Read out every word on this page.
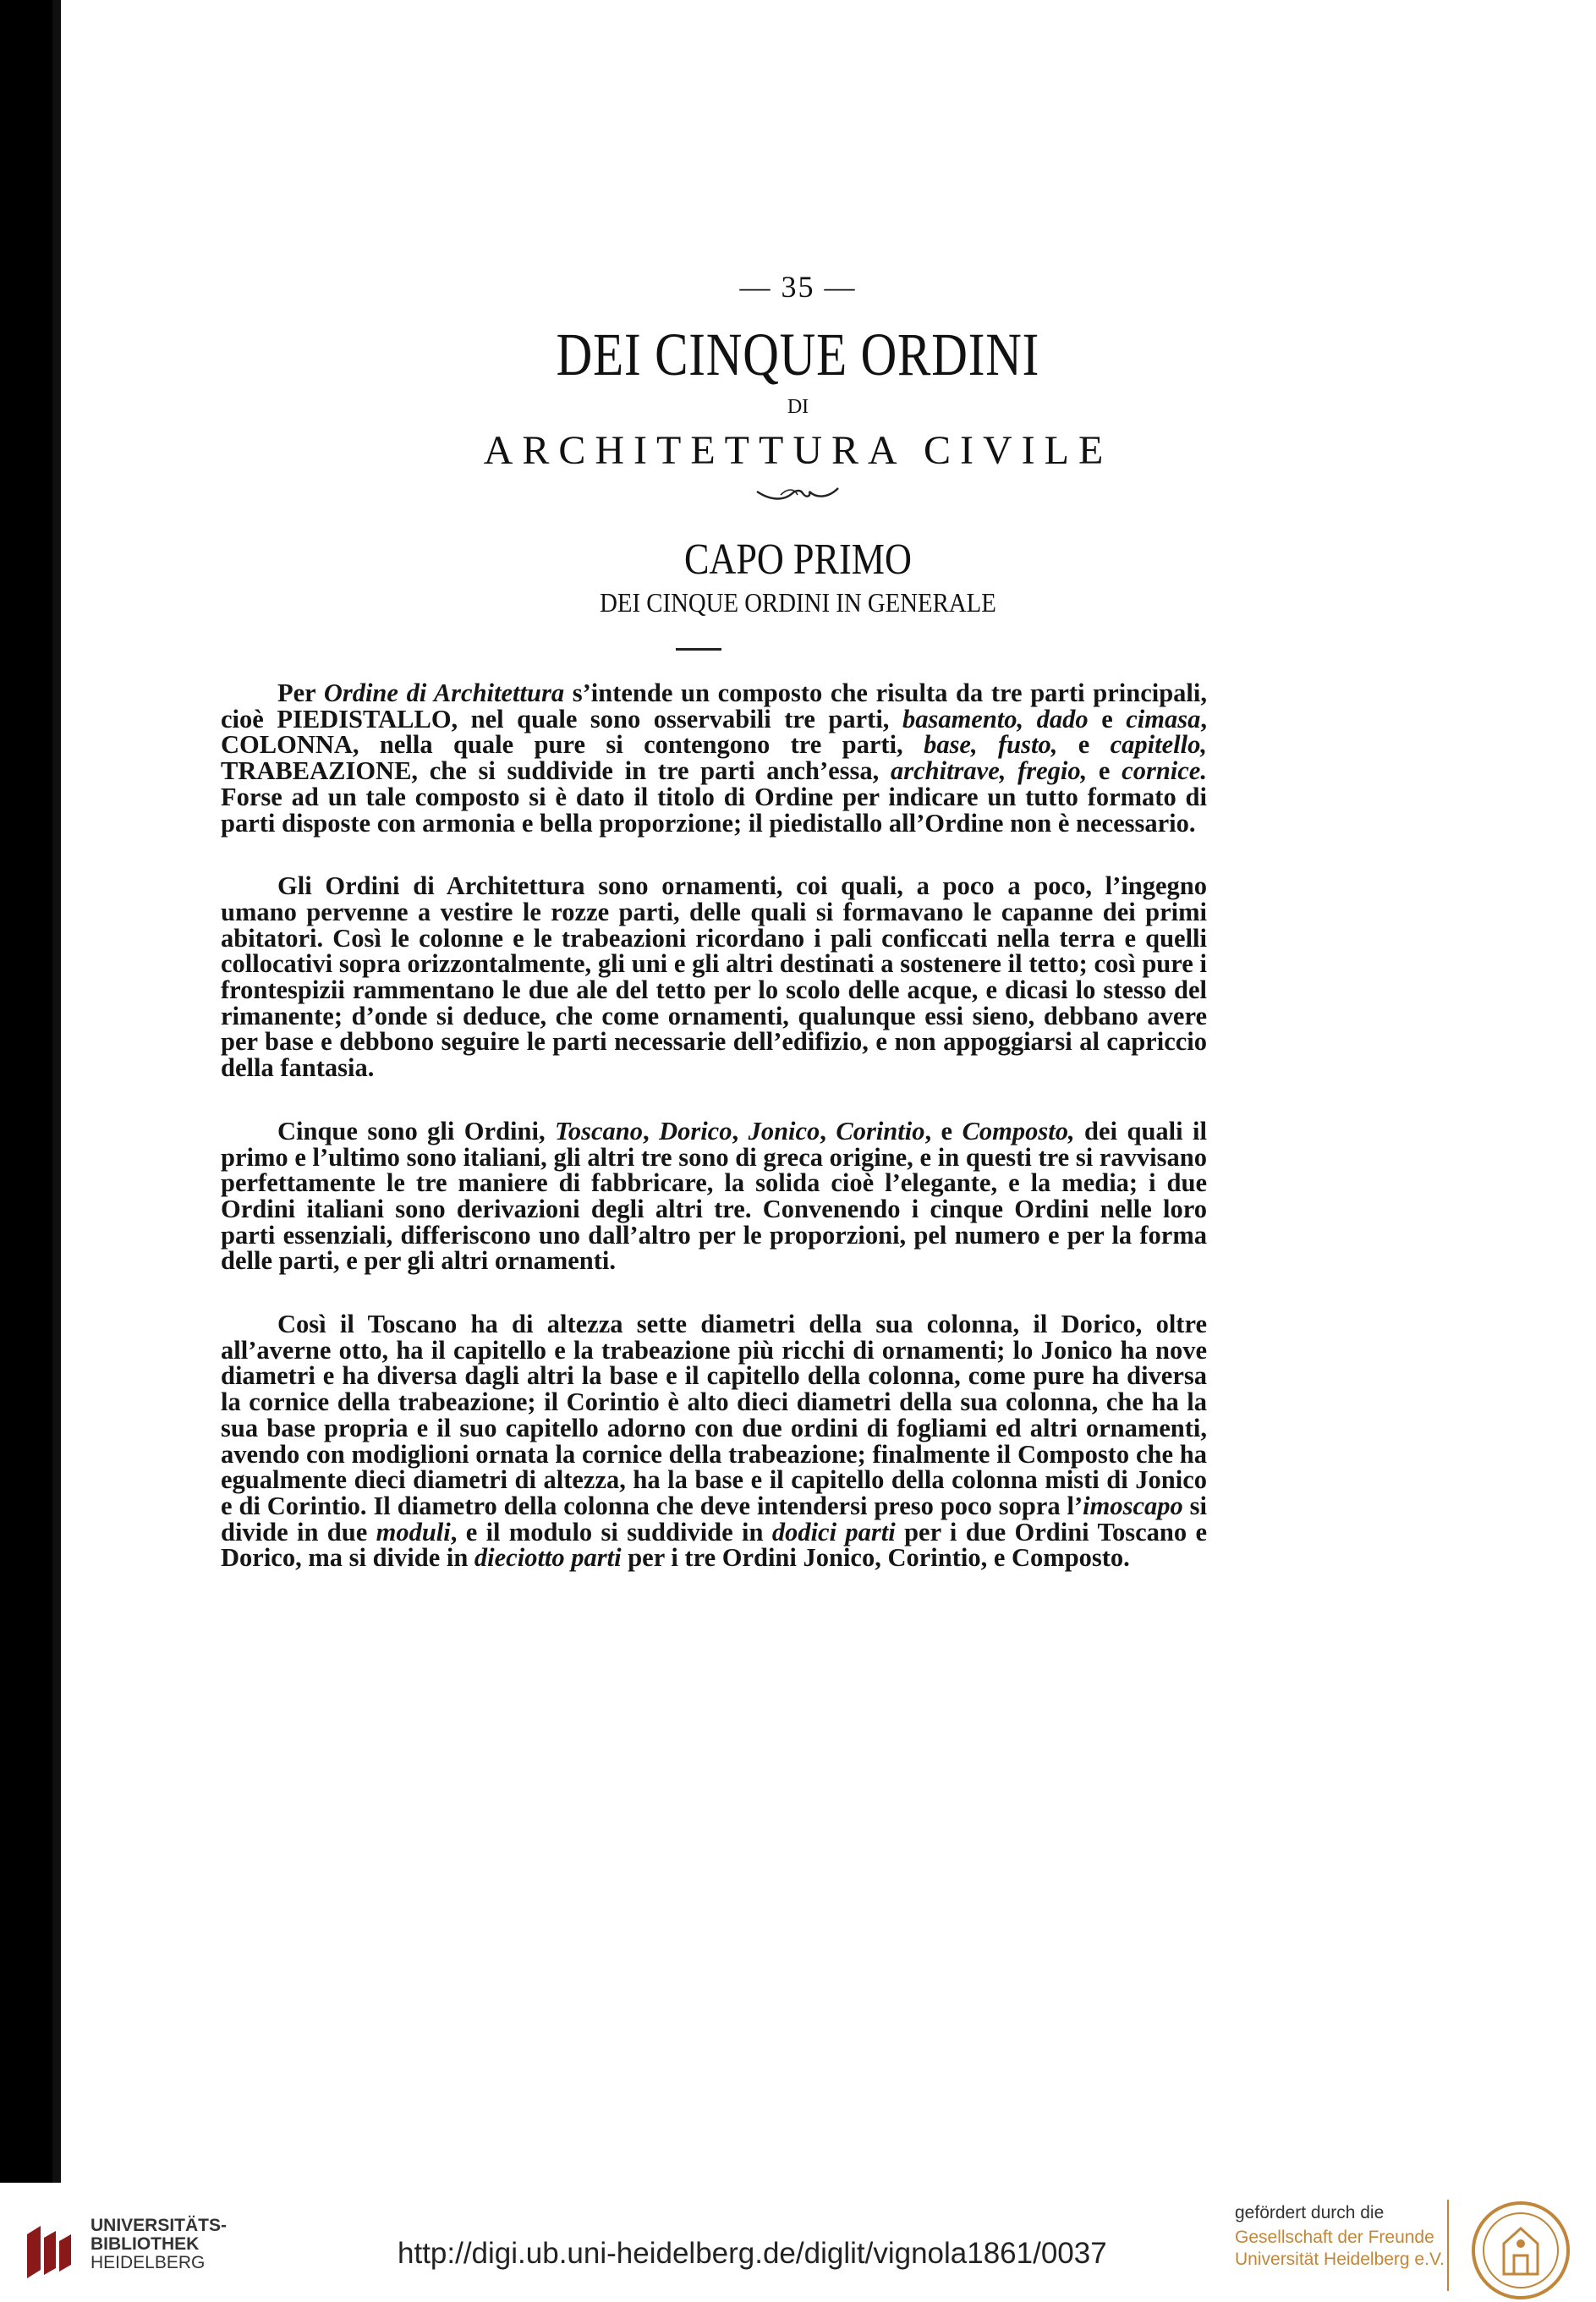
— 35 —
DEI CINQUE ORDINI
DI
ARCHITETTURA CIVILE
CAPO PRIMO
DEI CINQUE ORDINI IN GENERALE

Per Ordine di Architettura s’intende un composto che risulta da tre parti principali, cioè PIEDISTALLO, nel quale sono osservabili tre parti, basamento, dado e cimasa, COLONNA, nella quale pure si contengono tre parti, base, fusto, e capitello, TRABEAZIONE, che si suddivide in tre parti anch’essa, architrave, fregio, e cornice. Forse ad un tale composto si è dato il titolo di Ordine per indicare un tutto formato di parti disposte con armonia e bella proporzione; il piedistallo all’Ordine non è necessario.

Gli Ordini di Architettura sono ornamenti, coi quali, a poco a poco, l’ingegno umano pervenne a vestire le rozze parti, delle quali si formavano le capanne dei primi abitatori. Così le colonne e le trabeazioni ricordano i pali conficcati nella terra e quelli collocativi sopra orizzontalmente, gli uni e gli altri destinati a sostenere il tetto; così pure i frontespizii rammentano le due ale del tetto per lo scolo delle acque, e dicasi lo stesso del rimanente; d’onde si deduce, che come ornamenti, qualunque essi sieno, debbano avere per base e debbono seguire le parti necessarie dell’edifizio, e non appoggiarsi al capriccio della fantasia.

Cinque sono gli Ordini, Toscano, Dorico, Jonico, Corintio, e Composto, dei quali il primo e l’ultimo sono italiani, gli altri tre sono di greca origine, e in questi tre si ravvisano perfettamente le tre maniere di fabbricare, la solida cioè l’elegante, e la media; i due Ordini italiani sono derivazioni degli altri tre. Convenendo i cinque Ordini nelle loro parti essenziali, differiscono uno dall’altro per le proporzioni, pel numero e per la forma delle parti, e per gli altri ornamenti.

Così il Toscano ha di altezza sette diametri della sua colonna, il Dorico, oltre all’averne otto, ha il capitello e la trabeazione più ricchi di ornamenti; lo Jonico ha nove diametri e ha diversa dagli altri la base e il capitello della colonna, come pure ha diversa la cornice della trabeazione; il Corintio è alto dieci diametri della sua colonna, che ha la sua base propria e il suo capitello adorno con due ordini di fogliami ed altri ornamenti, avendo con modiglioni ornata la cornice della trabeazione; finalmente il Composto che ha egualmente dieci diametri di altezza, ha la base e il capitello della colonna misti di Jonico e di Corintio. Il diametro della colonna che deve intendersi preso poco sopra l’imoscapo si divide in due moduli, e il modulo si suddivide in dodici parti per i due Ordini Toscano e Dorico, ma si divide in dieciotto parti per i tre Ordini Jonico, Corintio, e Composto.

UNIVERSITÄTS-
BIBLIOTHEK
HEIDELBERG	http://digi.ub.uni-heidelberg.de/diglit/vignola1861/0037
gefördert durch die
Gesellschaft der Freunde
Universität Heidelberg e.V.
